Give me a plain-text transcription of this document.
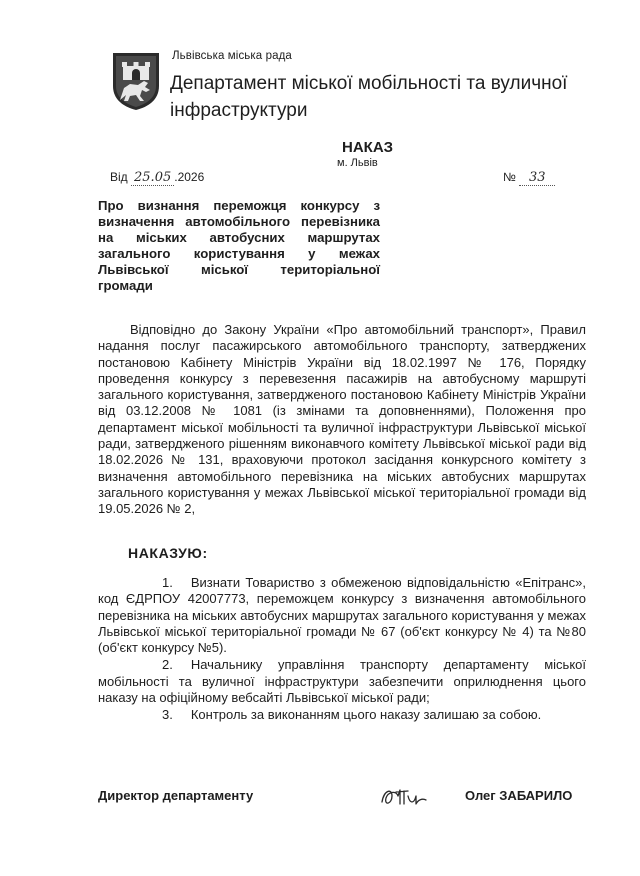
Львівська міська рада
Департамент міської мобільності та вуличної інфраструктури
НАКАЗ
м. Львів
Від 25.05 .2026	№ 33
Про визнання переможця конкурсу з визначення автомобільного перевізника на міських автобусних маршрутах загального користування у межах Львівської міської територіальної громади

Відповідно до Закону України «Про автомобільний транспорт», Правил надання послуг пасажирського автомобільного транспорту, затверджених постановою Кабінету Міністрів України від 18.02.1997 № 176, Порядку проведення конкурсу з перевезення пасажирів на автобусному маршруті загального користування, затвердженого постановою Кабінету Міністрів України від 03.12.2008 № 1081 (із змінами та доповненнями), Положення про департамент міської мобільності та вуличної інфраструктури Львівської міської ради, затвердженого рішенням виконавчого комітету Львівської міської ради від 18.02.2026 № 131, враховуючи протокол засідання конкурсного комітету з визначення автомобільного перевізника на міських автобусних маршрутах загального користування у межах Львівської міської територіальної громади від 19.05.2026 № 2,

НАКАЗУЮ:

1. Визнати Товариство з обмеженою відповідальністю «Епітранс», код ЄДРПОУ 42007773, переможцем конкурсу з визначення автомобільного перевізника на міських автобусних маршрутах загального користування у межах Львівської міської територіальної громади № 67 (об'єкт конкурсу № 4) та №80 (об'єкт конкурсу №5).

2. Начальнику управління транспорту департаменту міської мобільності та вуличної інфраструктури забезпечити оприлюднення цього наказу на офіційному вебсайті Львівської міської ради;

3. Контроль за виконанням цього наказу залишаю за собою.

Директор департаменту	Олег ЗАБАРИЛО
